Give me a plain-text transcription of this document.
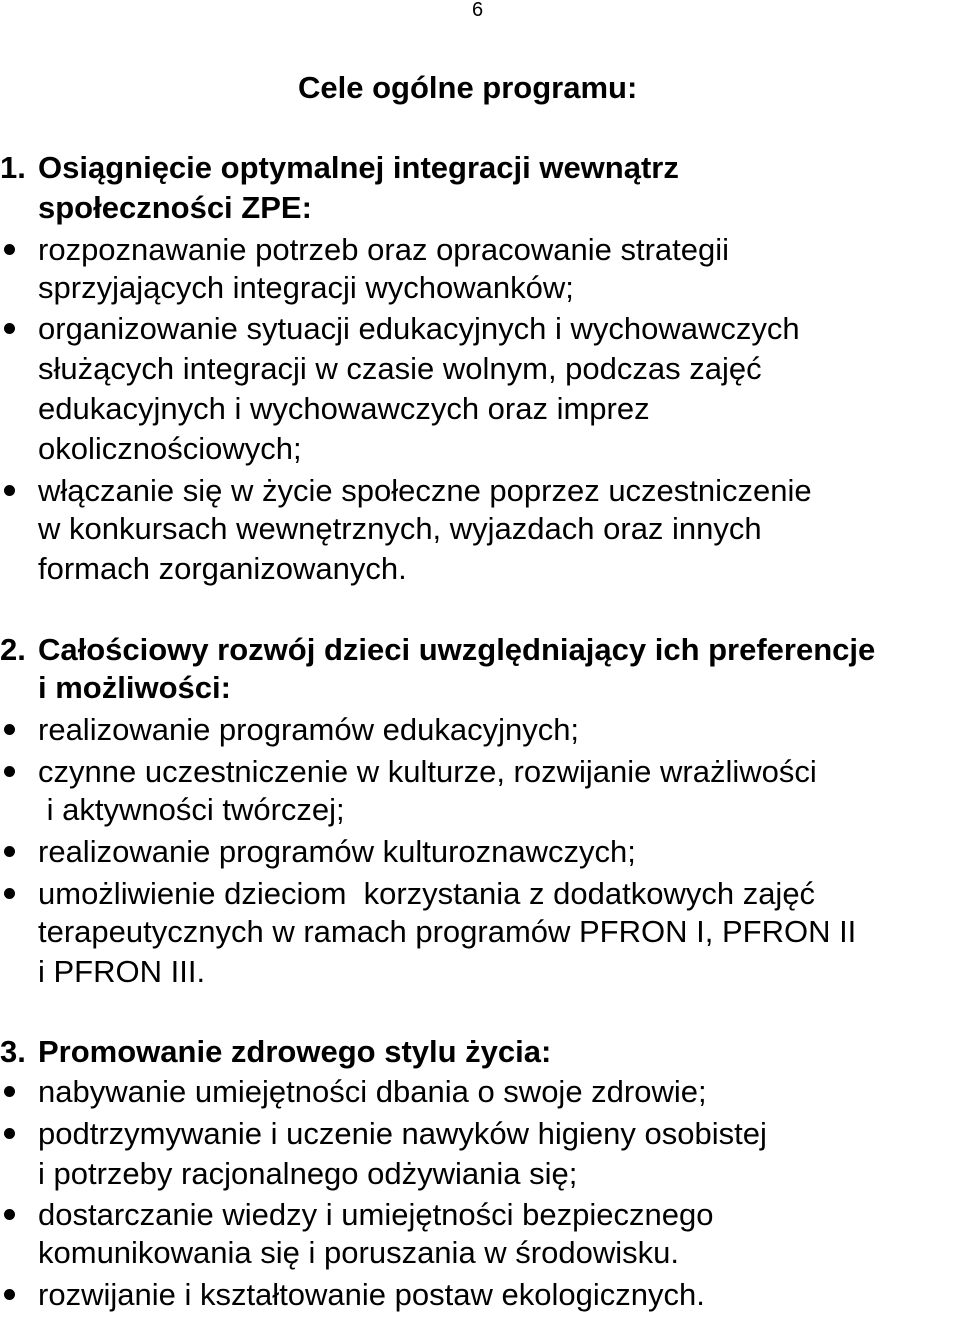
6
Cele ogólne programu:
1. Osiągnięcie optymalnej integracji wewnątrz
społeczności ZPE:
rozpoznawanie potrzeb oraz opracowanie strategii
sprzyjających integracji wychowanków;
organizowanie sytuacji edukacyjnych i wychowawczych
służących integracji w czasie wolnym, podczas zajęć
edukacyjnych i wychowawczych oraz imprez
okolicznościowych;
włączanie się w życie społeczne poprzez uczestniczenie
w konkursach wewnętrznych, wyjazdach oraz innych
formach zorganizowanych.
2. Całościowy rozwój dzieci uwzględniający ich preferencje
i możliwości:
realizowanie programów edukacyjnych;
czynne uczestniczenie w kulturze, rozwijanie wrażliwości
i aktywności twórczej;
realizowanie programów kulturoznawczych;
umożliwienie dzieciom  korzystania z dodatkowych zajęć
terapeutycznych w ramach programów PFRON I, PFRON II
i PFRON III.
3. Promowanie zdrowego stylu życia:
nabywanie umiejętności dbania o swoje zdrowie;
podtrzymywanie i uczenie nawyków higieny osobistej
i potrzeby racjonalnego odżywiania się;
dostarczanie wiedzy i umiejętności bezpiecznego
komunikowania się i poruszania w środowisku.
rozwijanie i kształtowanie postaw ekologicznych.
